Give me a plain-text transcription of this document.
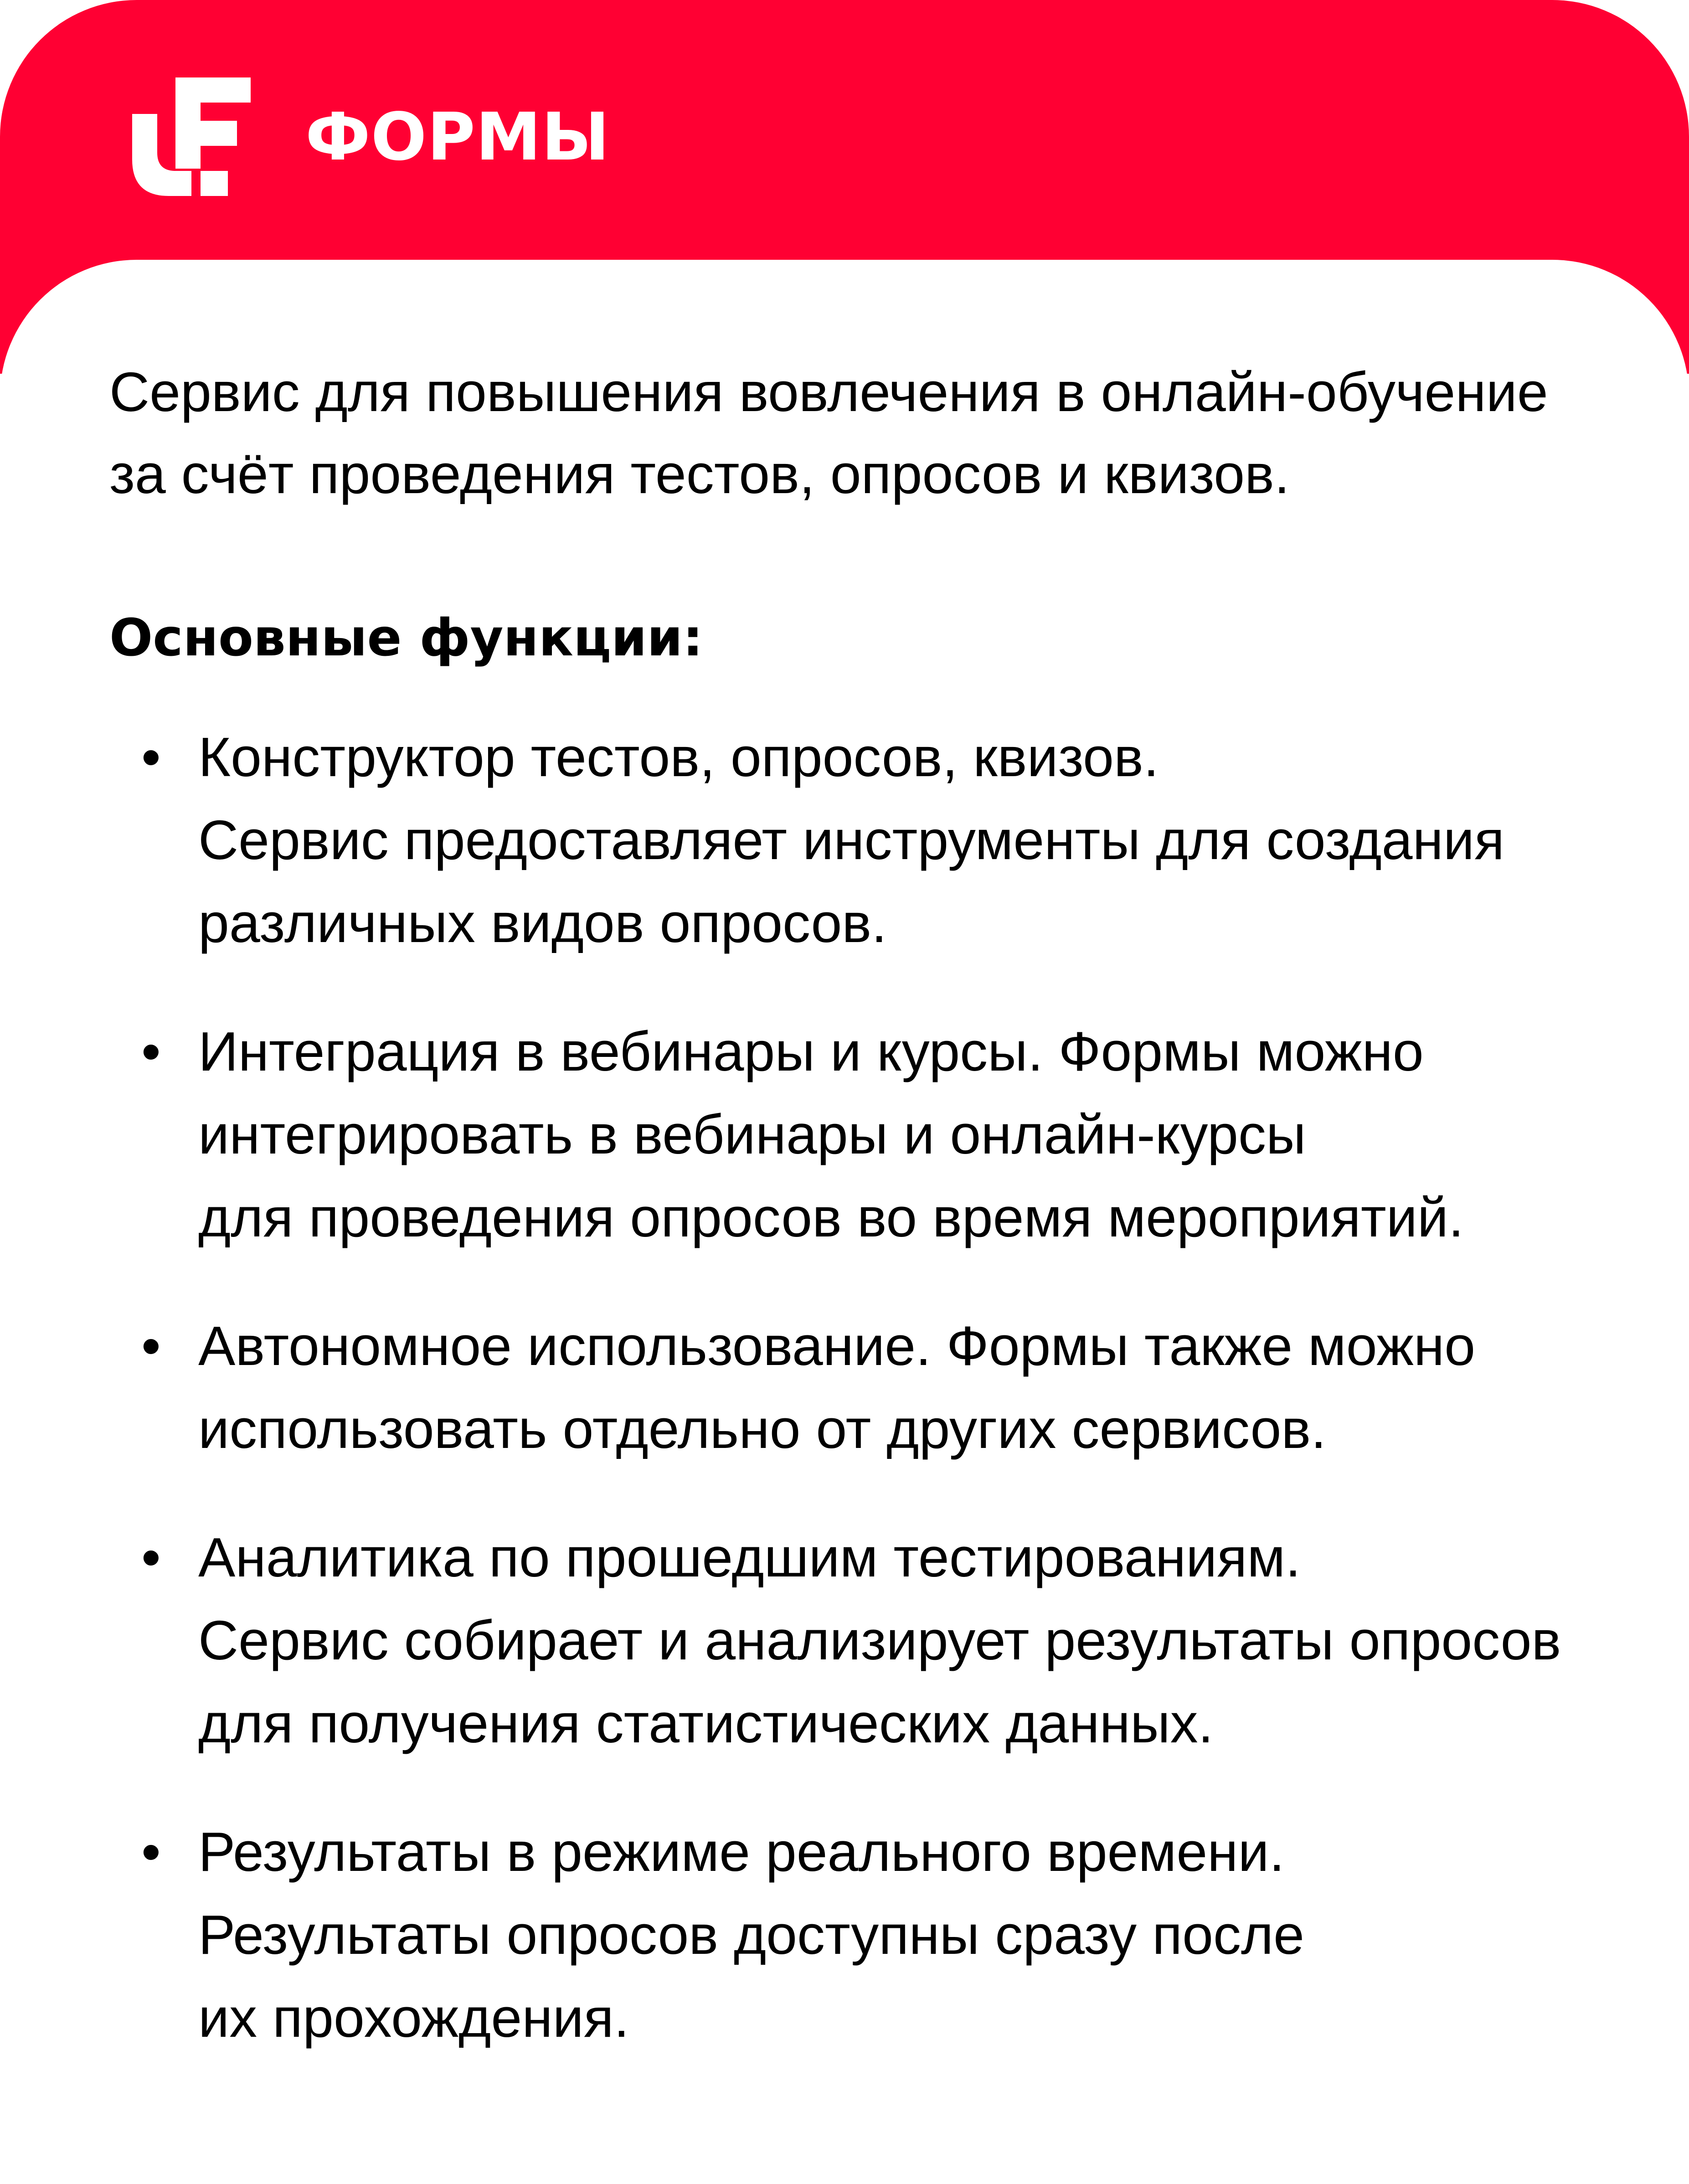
ФОРМЫ

Сервис для повышения вовлечения в онлайн-обучение

за счёт проведения тестов, опросов и квизов.

Основные функции:
• Конструктор тестов, опросов, квизов.

Сервис предоставляет инструменты для создания

различных видов опросов.

• Интеграция в вебинары и курсы. Формы можно

интегрировать в вебинары и онлайн-курсы

для проведения опросов во время мероприятий.

• Автономное использование. Формы также можно

использовать отдельно от других сервисов.

• Аналитика по прошедшим тестированиям.

Сервис собирает и анализирует результаты опросов

для получения статистических данных.

• Результаты в режиме реального времени.

Результаты опросов доступны сразу после

их прохождения.
